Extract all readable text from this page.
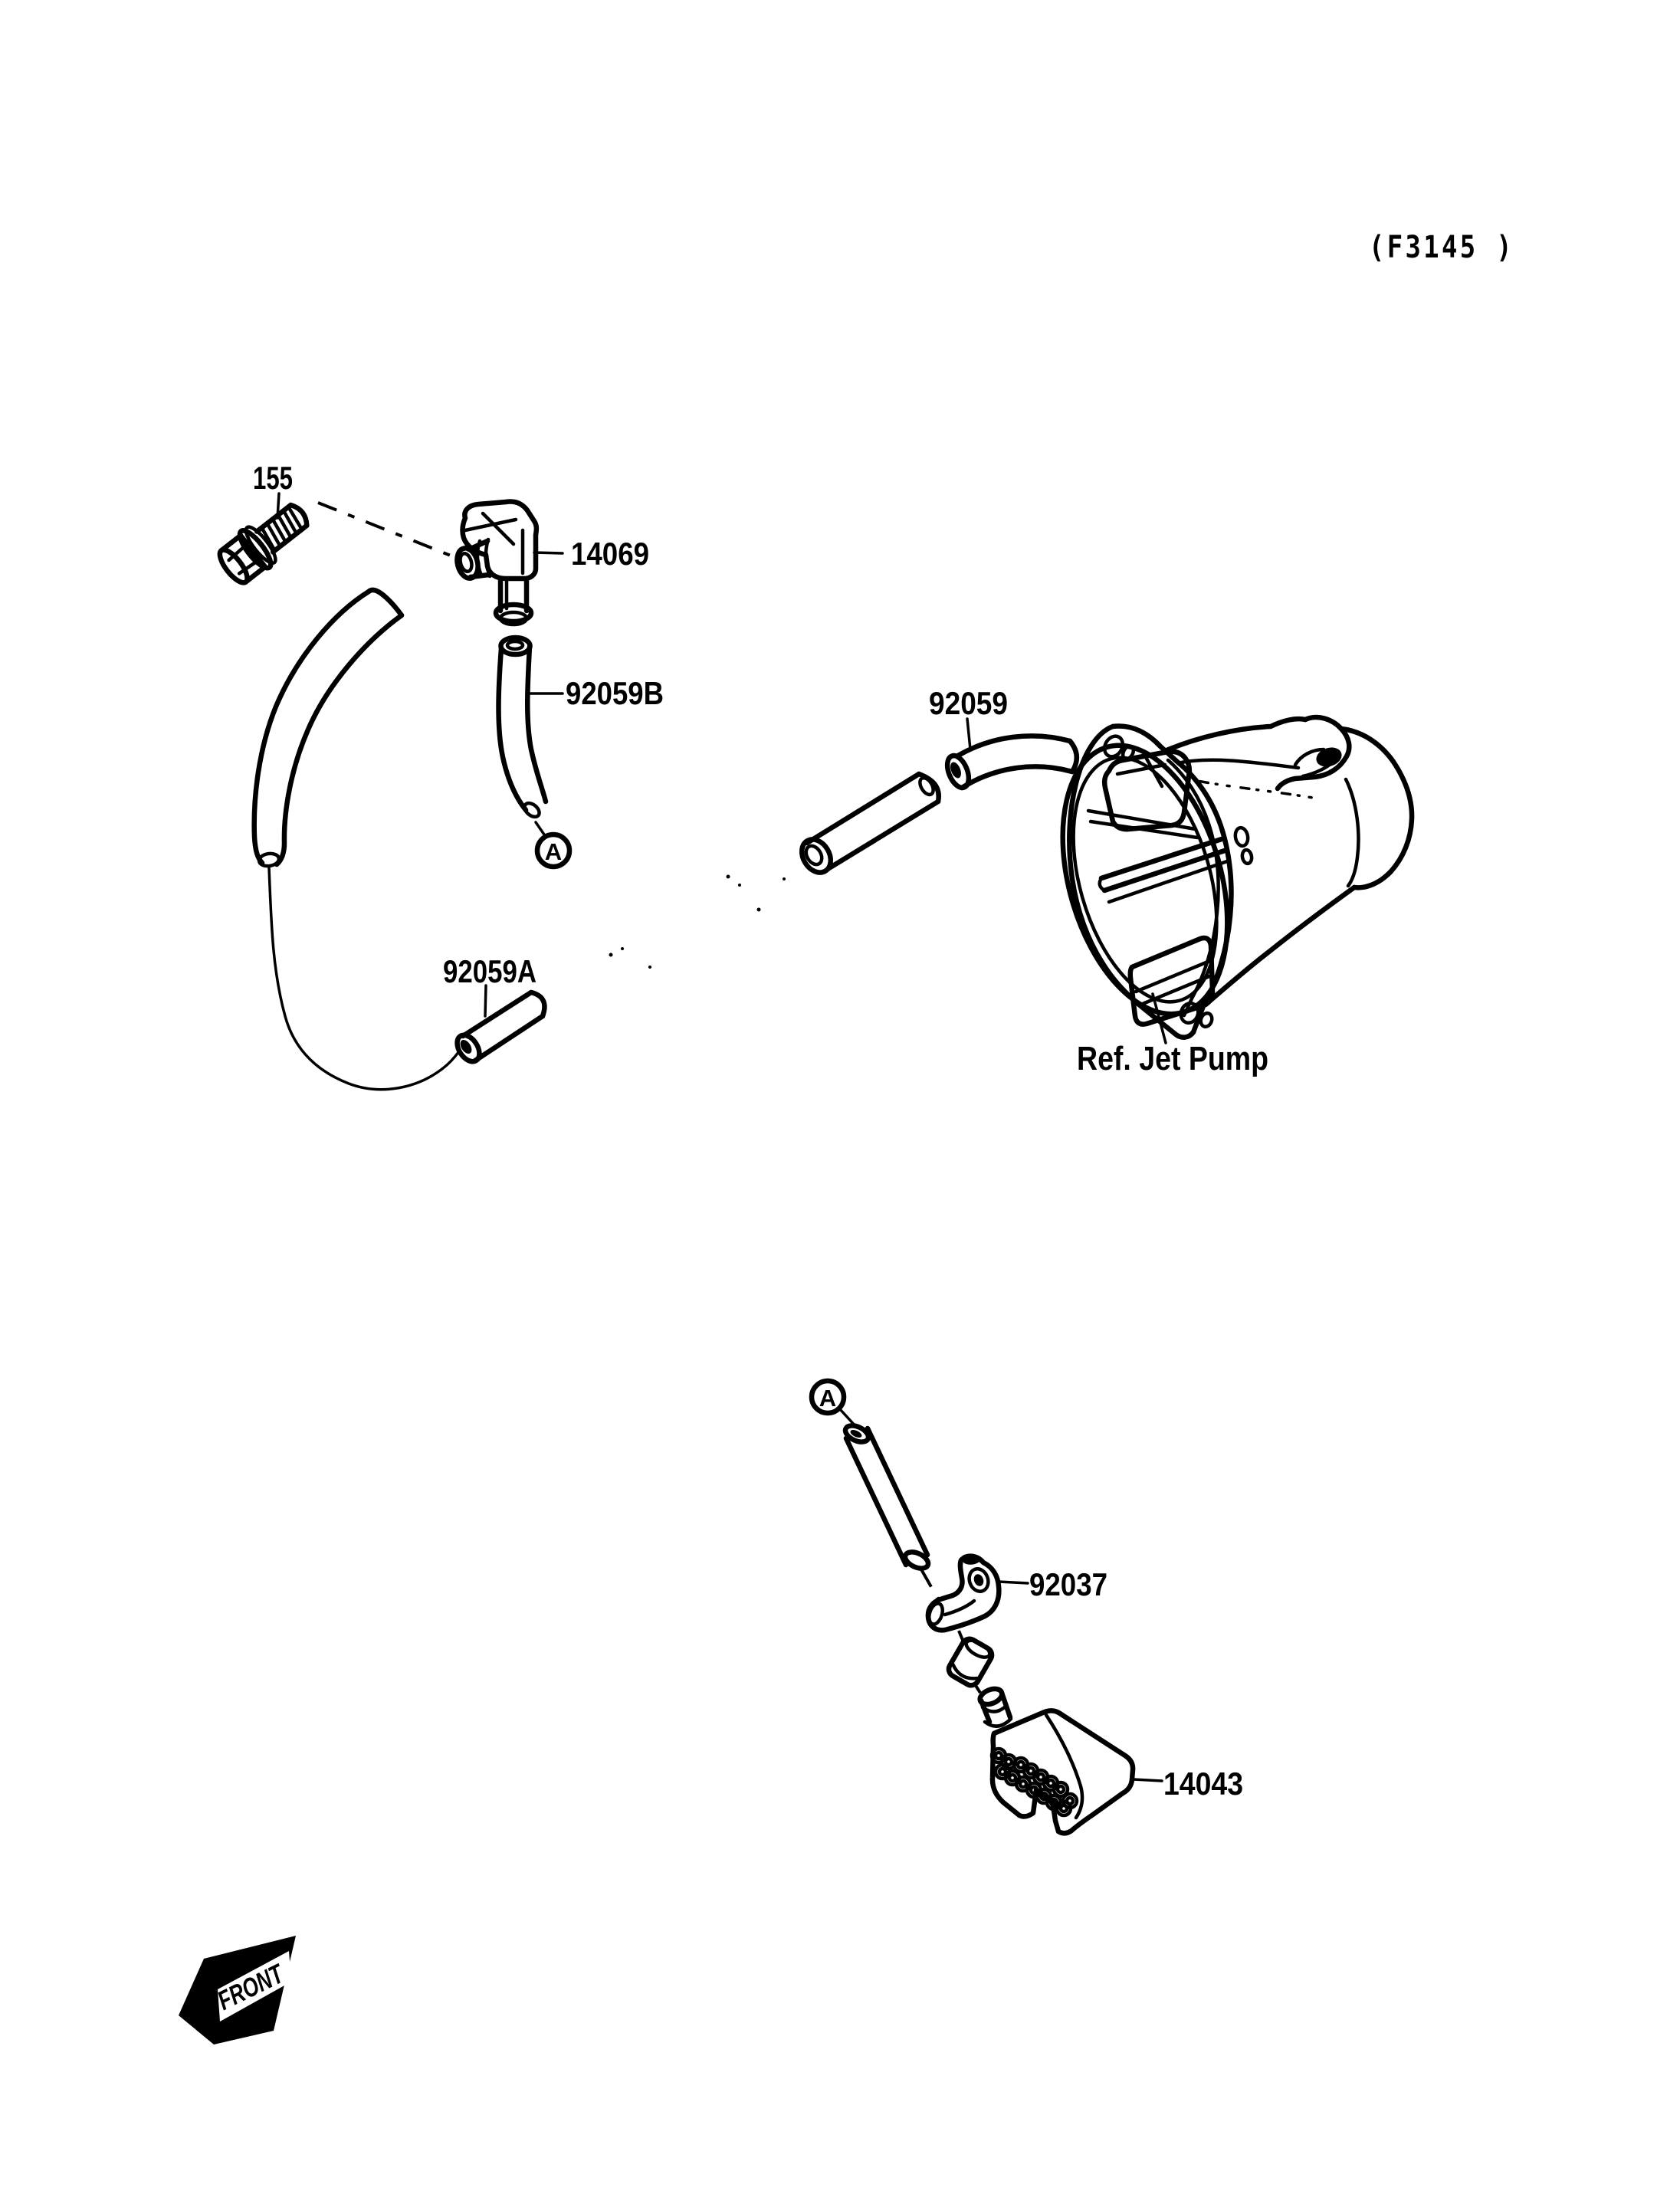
(F3145 )
155
14069
92059B
A
92059A
92059
Ref. Jet Pump
A
92037
14043
FRONT
